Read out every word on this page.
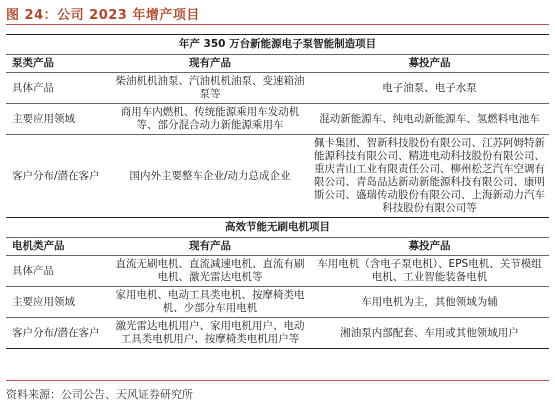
图 24：公司 2023 年增产项目
年产 350 万台新能源电子泵智能制造项目		
泵类产品	现有产品	募投产品
具体产品	柴油机机油泵、汽油机机油泵、变速箱油泵等	电子油泵、电子水泵
主要应用领域	商用车内燃机、传统能源乘用车发动机等、部分混合动力新能源乘用车	混动新能源车、纯电动新能源车、氢燃料电池车
客户分布/潜在客户	国内外主要整车企业/动力总成企业	佩卡集团、智新科技股份有限公司、江苏阿姆特新能源科技有限公司、精进电动科技股份有限公司、重庆青山工业有限责任公司、柳州松芝汽车空调有限公司、青岛品达新动新能源科技有限公司、康明斯公司、盛瑞传动股份有限公司、上海新动力汽车科技股份有限公司等
高效节能无刷电机项目		
电机类产品	现有产品	募投产品
具体产品	直流无刷电机、直流减速电机、直流有刷电机、激光雷达电机等	车用电机（含电子泵电机）、EPS电机、关节模组电机、工业智能装备电机
主要应用领域	家用电机、电动工具类电机、按摩椅类电机、少部分车用电机	车用电机为主，其他领域为辅
客户分布/潜在客户	激光雷达电机用户、家用电机用户、电动工具类电机用户、按摩椅类电机用户等	湘油泵内部配套、车用或其他领域用户
资料来源：公司公告、天风证券研究所
